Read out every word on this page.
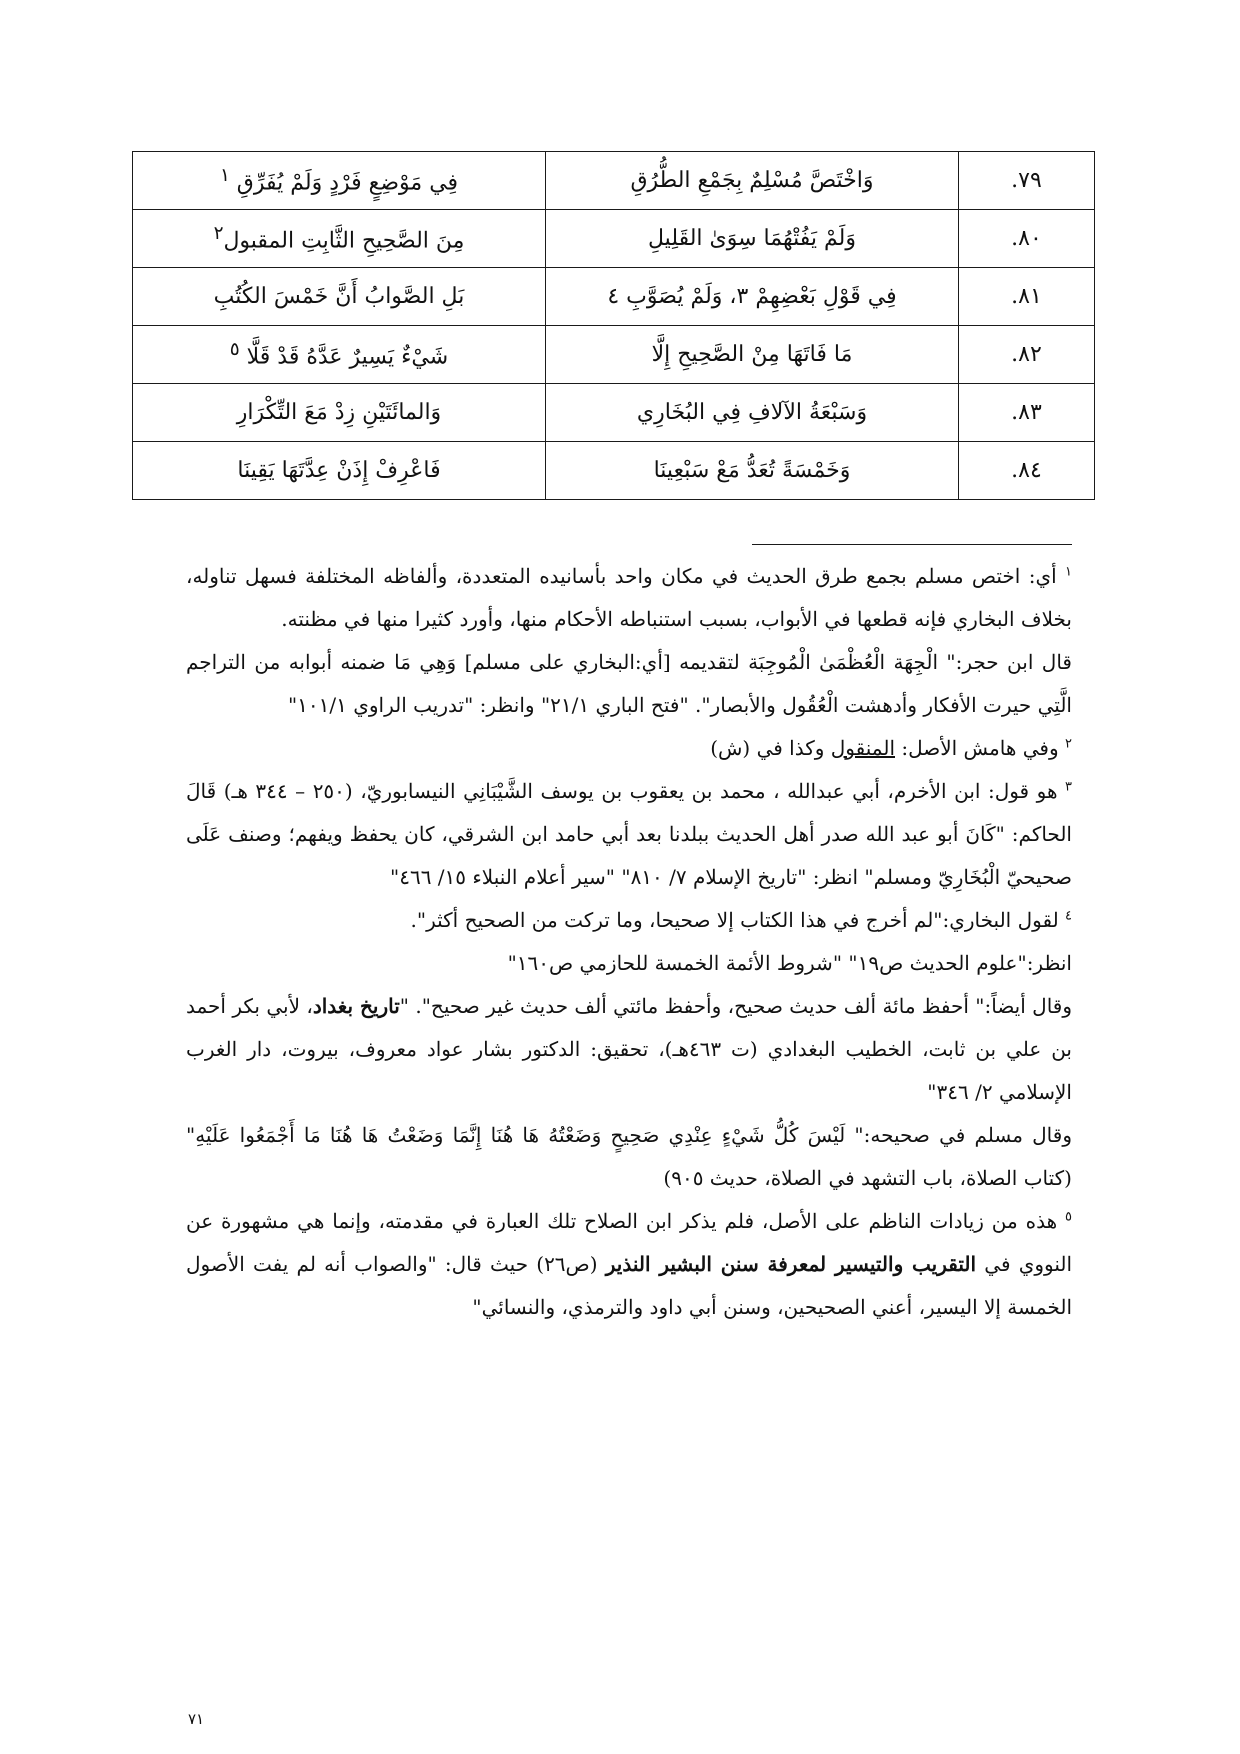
٧٩.	وَاخْتَصَّ مُسْلِمٌ بِجَمْعِ الطُّرُقِ	فِي مَوْضِعٍ فَرْدٍ وَلَمْ يُفَرِّقِ $^١$
٨٠.	وَلَمْ يَفُتْهُمَا سِوَىٰ القَلِيلِ	مِنَ الصَّحِيحِ الثَّابِتِ المقبول$^٢$
٨١.	فِي قَوْلِ بَعْضِهِمْ ٣، وَلَمْ يُصَوَّبِ ٤	بَلِ الصَّوابُ أَنَّ خَمْسَ الكُتُبِ
٨٢.	مَا فَاتَهَا مِنْ الصَّحِيحِ إِلَّا	شَيْءٌ يَسِيرٌ عَدَّهُ قَدْ قَلَّا $^٥$
٨٣.	وَسَبْعَةُ الآلافِ فِي البُخَارِي	وَالمائَتَيْنِ زِدْ مَعَ التِّكْرَارِ
٨٤.	وَخَمْسَةً تُعَدُّ مَعْ سَبْعِينَا	فَاعْرِفْ إِذَنْ عِدَّتَهَا يَقِينَا

$^١$ أي: اختص مسلم بجمع طرق الحديث في مكان واحد بأسانيده المتعددة، وألفاظه المختلفة فسهل تناوله، بخلاف البخاري فإنه قطعها في الأبواب، بسبب استنباطه الأحكام منها، وأورد كثيرا منها في مظنته.

قال ابن حجر:" الْجِهَة الْعُظْمَىٰ الْمُوجِبَة لتقديمه [أي:البخاري على مسلم] وَهِي مَا ضمنه أبوابه من التراجم الَّتِي حيرت الأفكار وأدهشت الْعُقُول والأبصار". "فتح الباري ٢١/١" وانظر: "تدريب الراوي ١٠١/١"

$^٢$ وفي هامش الأصل: المنقول وكذا في (ش)

$^٣$ هو قول: ابن الأخرم، أبي عبدالله ، محمد بن يعقوب بن يوسف الشَّيْبَانِي النيسابوريّ، (٢٥٠ – ٣٤٤ هـ) قَالَ الحاكم: "كَانَ أبو عبد الله صدر أهل الحديث ببلدنا بعد أبي حامد ابن الشرقي، كان يحفظ ويفهم؛ وصنف عَلَى صحيحيّ الْبُخَارِيّ ومسلم" انظر: "تاريخ الإسلام ٧/ ٨١٠" "سير أعلام النبلاء ١٥/ ٤٦٦"

$^٤$ لقول البخاري:"لم أخرج في هذا الكتاب إلا صحيحا، وما تركت من الصحيح أكثر".

انظر:"علوم الحديث ص١٩" "شروط الأئمة الخمسة للحازمي ص١٦٠"

وقال أيضاً:" أحفظ مائة ألف حديث صحيح، وأحفظ مائتي ألف حديث غير صحيح". "تاريخ بغداد، لأبي بكر أحمد بن علي بن ثابت، الخطيب البغدادي (ت ٤٦٣هـ)، تحقيق: الدكتور بشار عواد معروف، بيروت، دار الغرب الإسلامي ٢/ ٣٤٦"

وقال مسلم في صحيحه:" لَيْسَ كُلُّ شَيْءٍ عِنْدِي صَحِيحٍ وَضَعْتُهُ هَا هُنَا إِنَّمَا وَضَعْتُ هَا هُنَا مَا أَجْمَعُوا عَلَيْهِ" (كتاب الصلاة، باب التشهد في الصلاة، حديث ٩٠٥)

$^٥$ هذه من زيادات الناظم على الأصل، فلم يذكر ابن الصلاح تلك العبارة في مقدمته، وإنما هي مشهورة عن النووي في التقريب والتيسير لمعرفة سنن البشير النذير (ص٢٦) حيث قال: "والصواب أنه لم يفت الأصول الخمسة إلا اليسير، أعني الصحيحين، وسنن أبي داود والترمذي، والنسائي"

٧١
